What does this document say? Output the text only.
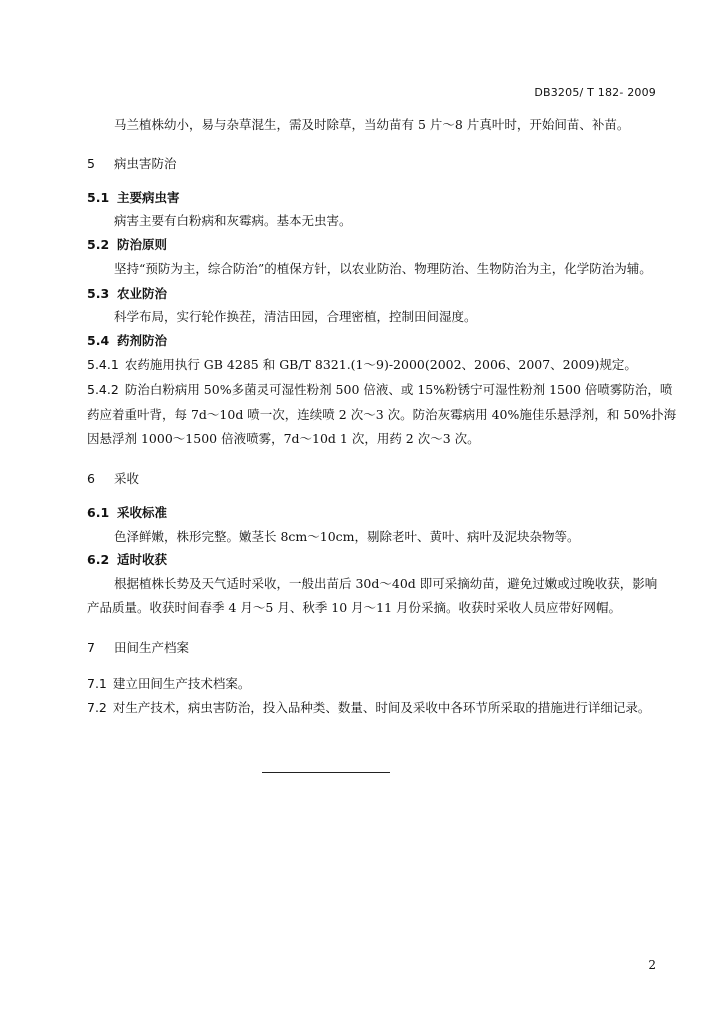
DB3205/ T 182- 2009
马兰植株幼小，易与杂草混生，需及时除草，当幼苗有 5 片～8 片真叶时，开始间苗、补苗。
5 病虫害防治
5.1 主要病虫害
病害主要有白粉病和灰霉病。基本无虫害。
5.2 防治原则
坚持“预防为主，综合防治”的植保方针，以农业防治、物理防治、生物防治为主，化学防治为辅。
5.3 农业防治
科学布局，实行轮作换茬，清洁田园，合理密植，控制田间湿度。
5.4 药剂防治
5.4.1 农药施用执行 GB 4285 和 GB/T 8321.(1～9)-2000(2002、2006、2007、2009)规定。
5.4.2 防治白粉病用 50%多菌灵可湿性粉剂 500 倍液、或 15%粉锈宁可湿性粉剂 1500 倍喷雾防治，喷
药应着重叶背，每 7d～10d 喷一次，连续喷 2 次～3 次。防治灰霉病用 40%施佳乐悬浮剂，和 50%扑海
因悬浮剂 1000～1500 倍液喷雾，7d～10d 1 次，用药 2 次～3 次。
6 采收
6.1 采收标准
色泽鲜嫩，株形完整。嫩茎长 8cm～10cm，剔除老叶、黄叶、病叶及泥块杂物等。
6.2 适时收获
根据植株长势及天气适时采收，一般出苗后 30d～40d 即可采摘幼苗，避免过嫩或过晚收获，影响
产品质量。收获时间春季 4 月～5 月、秋季 10 月～11 月份采摘。收获时采收人员应带好网帽。
7 田间生产档案
7.1 建立田间生产技术档案。
7.2 对生产技术，病虫害防治，投入品种类、数量、时间及采收中各环节所采取的措施进行详细记录。
2
